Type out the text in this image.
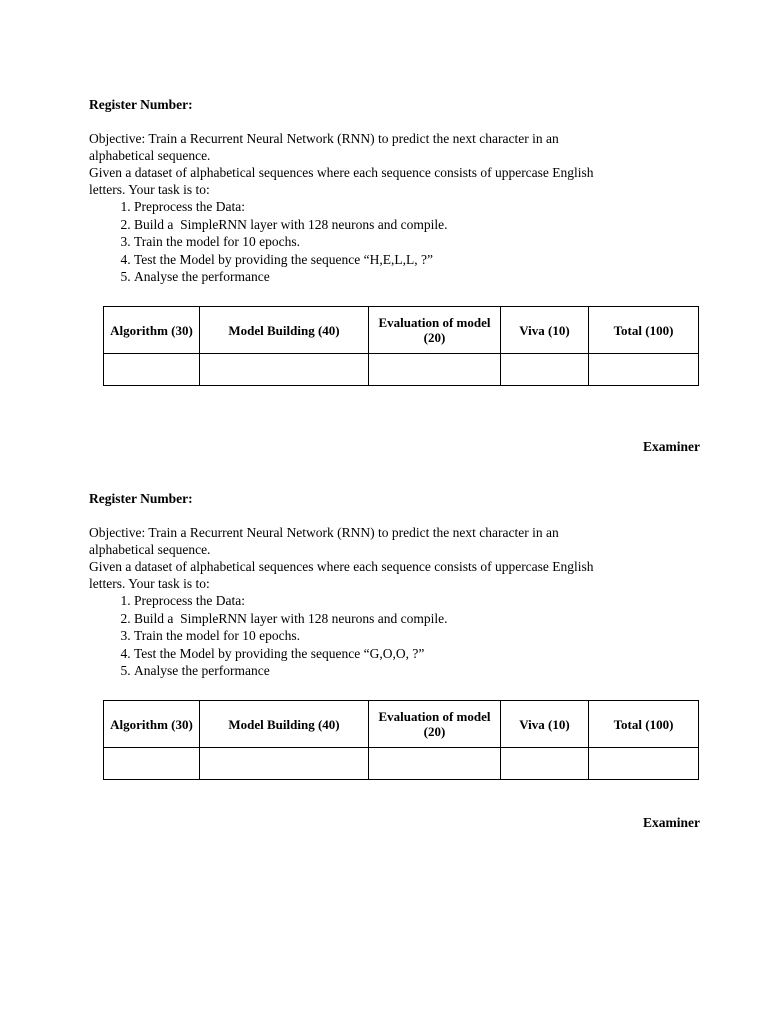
Register Number:

Objective: Train a Recurrent Neural Network (RNN) to predict the next character in an

alphabetical sequence.

Given a dataset of alphabetical sequences where each sequence consists of uppercase English

letters. Your task is to:

1. Preprocess the Data:
2. Build a  SimpleRNN layer with 128 neurons and compile.
3. Train the model for 10 epochs.
4. Test the Model by providing the sequence “H,E,L,L, ?”
5. Analyse the performance
Algorithm (30)	Model Building (40)	Evaluation of model (20)	Viva (10)	Total (100)

Examiner

Register Number:

Objective: Train a Recurrent Neural Network (RNN) to predict the next character in an

alphabetical sequence.

Given a dataset of alphabetical sequences where each sequence consists of uppercase English

letters. Your task is to:

1. Preprocess the Data:
2. Build a  SimpleRNN layer with 128 neurons and compile.
3. Train the model for 10 epochs.
4. Test the Model by providing the sequence “G,O,O, ?”
5. Analyse the performance
Algorithm (30)	Model Building (40)	Evaluation of model (20)	Viva (10)	Total (100)

Examiner
